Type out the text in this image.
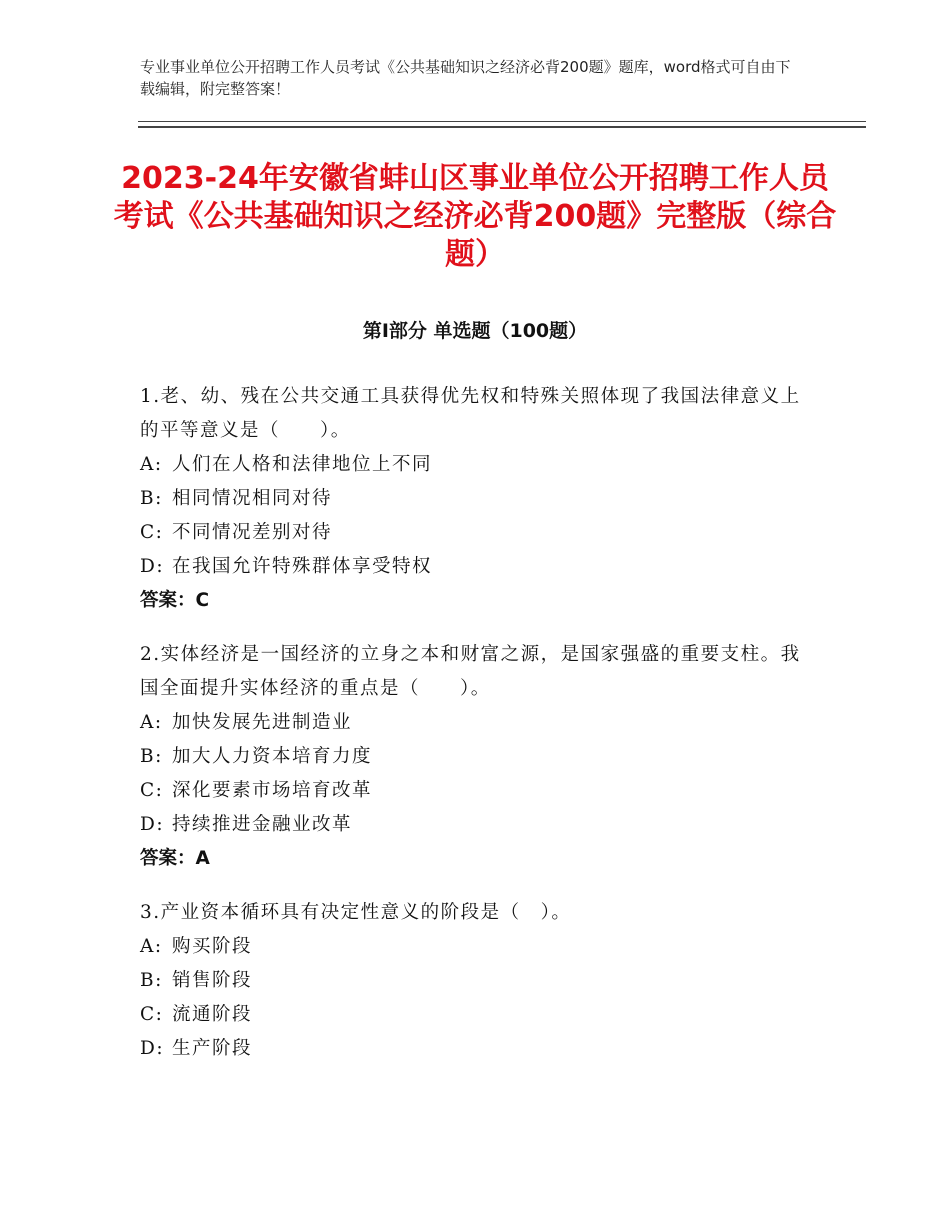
专业事业单位公开招聘工作人员考试《公共基础知识之经济必背200题》题库，word格式可自由下载编辑，附完整答案！
2023-24年安徽省蚌山区事业单位公开招聘工作人员考试《公共基础知识之经济必背200题》完整版（综合题）
第Ⅰ部分 单选题（100题）
1.老、幼、残在公共交通工具获得优先权和特殊关照体现了我国法律意义上的平等意义是（　　）。
A: 人们在人格和法律地位上不同
B: 相同情况相同对待
C: 不同情况差别对待
D: 在我国允许特殊群体享受特权
答案：C
2.实体经济是一国经济的立身之本和财富之源，是国家强盛的重要支柱。我国全面提升实体经济的重点是（　　）。
A: 加快发展先进制造业
B: 加大人力资本培育力度
C: 深化要素市场培育改革
D: 持续推进金融业改革
答案：A
3.产业资本循环具有决定性意义的阶段是（　）。
A: 购买阶段
B: 销售阶段
C: 流通阶段
D: 生产阶段
